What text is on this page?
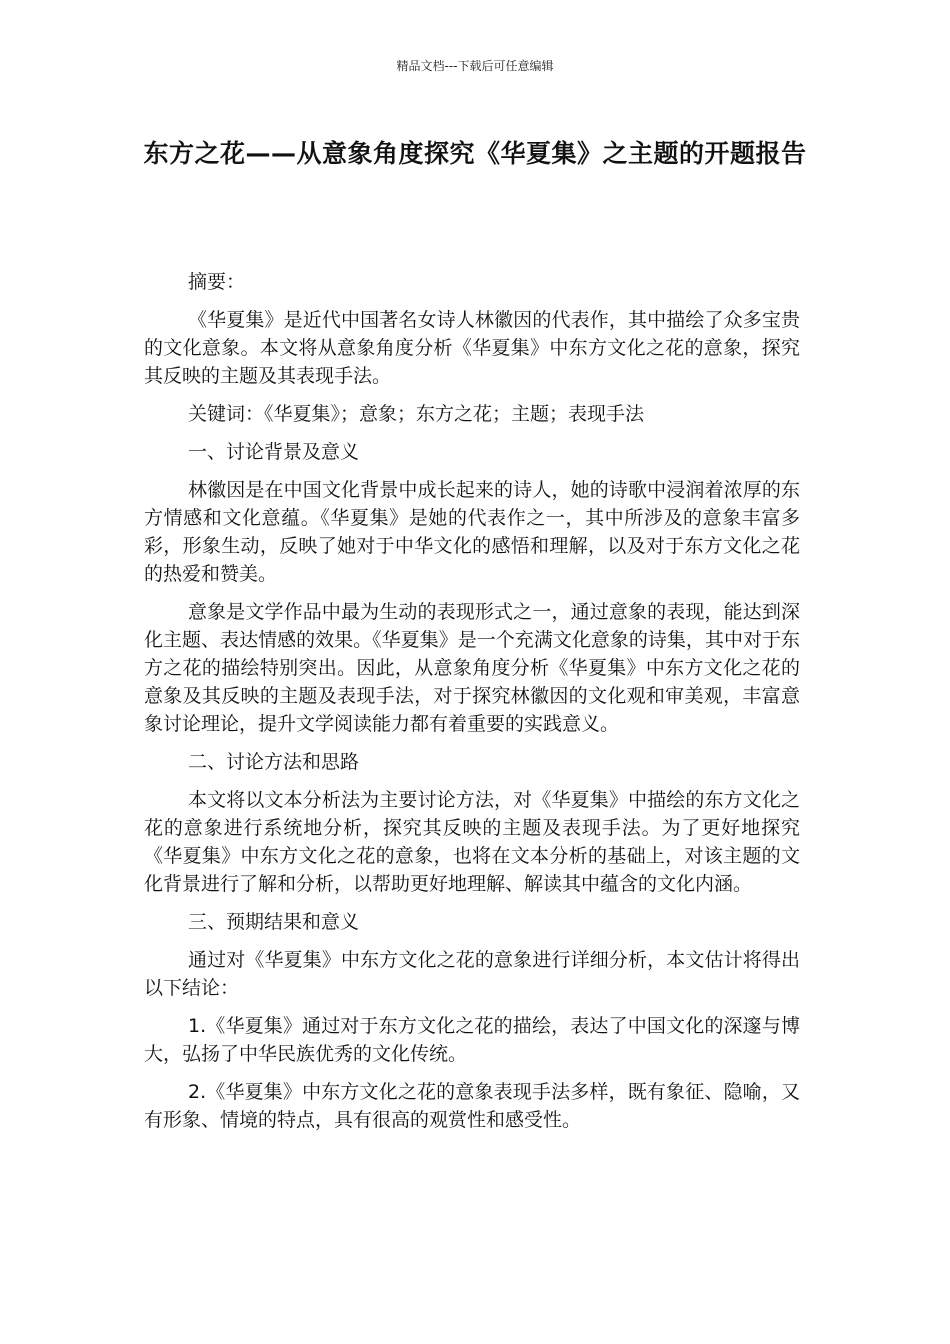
精品文档---下载后可任意编辑
东方之花——从意象角度探究《华夏集》之主题的开题报告

摘要：

《华夏集》是近代中国著名女诗人林徽因的代表作，其中描绘了众多宝贵的文化意象。本文将从意象角度分析《华夏集》中东方文化之花的意象，探究其反映的主题及其表现手法。

关键词：《华夏集》；意象；东方之花；主题；表现手法

一、讨论背景及意义

林徽因是在中国文化背景中成长起来的诗人，她的诗歌中浸润着浓厚的东方情感和文化意蕴。《华夏集》是她的代表作之一，其中所涉及的意象丰富多彩，形象生动，反映了她对于中华文化的感悟和理解，以及对于东方文化之花的热爱和赞美。

意象是文学作品中最为生动的表现形式之一，通过意象的表现，能达到深化主题、表达情感的效果。《华夏集》是一个充满文化意象的诗集，其中对于东方之花的描绘特别突出。因此，从意象角度分析《华夏集》中东方文化之花的意象及其反映的主题及表现手法，对于探究林徽因的文化观和审美观，丰富意象讨论理论，提升文学阅读能力都有着重要的实践意义。

二、讨论方法和思路

本文将以文本分析法为主要讨论方法，对《华夏集》中描绘的东方文化之花的意象进行系统地分析，探究其反映的主题及表现手法。为了更好地探究《华夏集》中东方文化之花的意象，也将在文本分析的基础上，对该主题的文化背景进行了解和分析，以帮助更好地理解、解读其中蕴含的文化内涵。

三、预期结果和意义

通过对《华夏集》中东方文化之花的意象进行详细分析，本文估计将得出以下结论：

1.《华夏集》通过对于东方文化之花的描绘，表达了中国文化的深邃与博大，弘扬了中华民族优秀的文化传统。

2.《华夏集》中东方文化之花的意象表现手法多样，既有象征、隐喻，又有形象、情境的特点，具有很高的观赏性和感受性。
